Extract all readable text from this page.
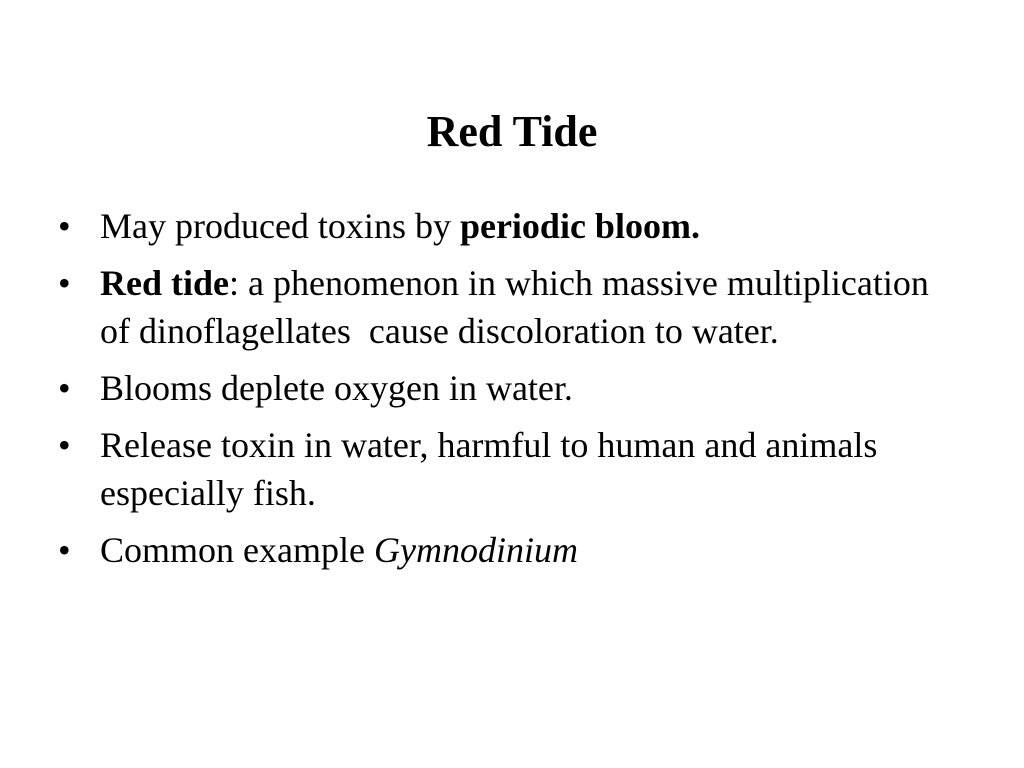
Red Tide
• May produced toxins by periodic bloom.
• Red tide: a phenomenon in which massive multiplication of dinoflagellates  cause discoloration to water.
• Blooms deplete oxygen in water.
• Release toxin in water, harmful to human and animals especially fish.
• Common example Gymnodinium
